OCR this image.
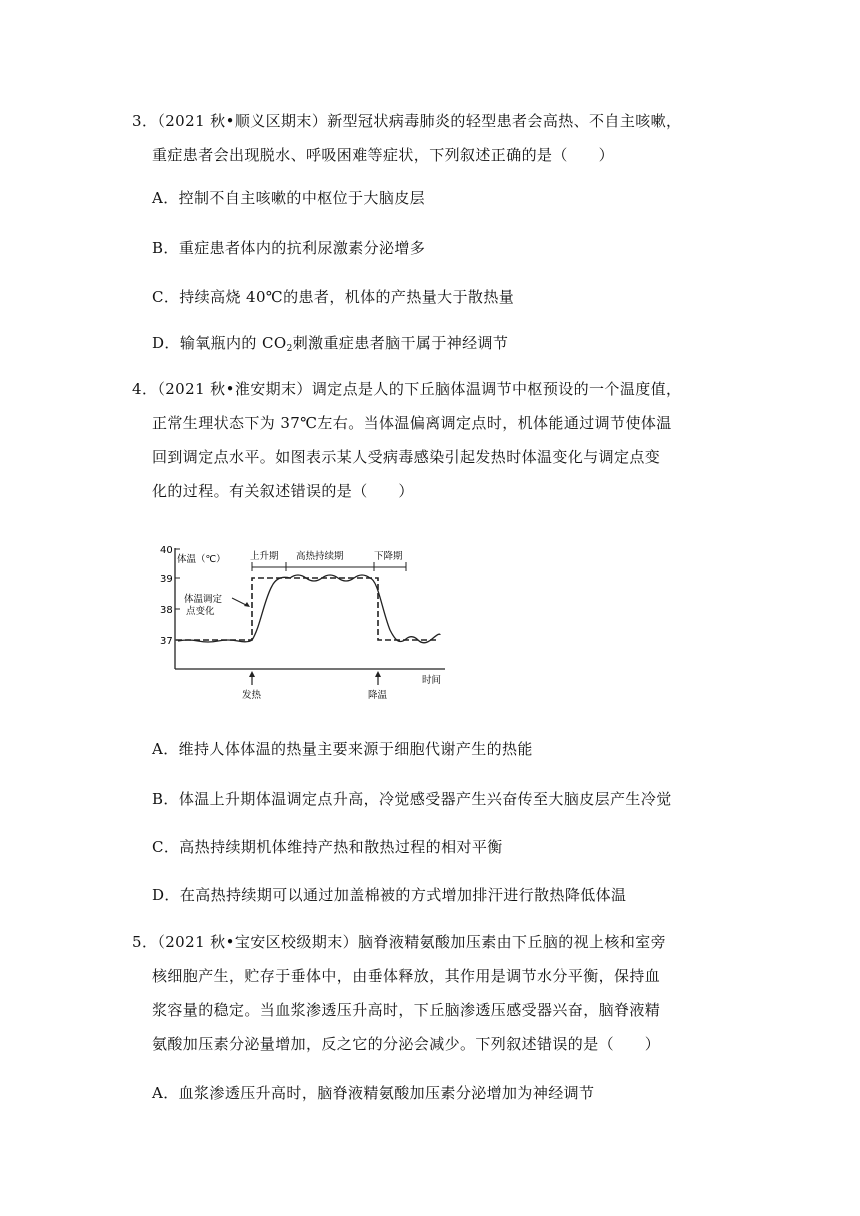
3．（2021 秋•顺义区期末）新型冠状病毒肺炎的轻型患者会高热、不自主咳嗽，
重症患者会出现脱水、呼吸困难等症状，下列叙述正确的是（　　）
A．控制不自主咳嗽的中枢位于大脑皮层
B．重症患者体内的抗利尿激素分泌增多
C．持续高烧 40℃的患者，机体的产热量大于散热量
D．输氧瓶内的 $CO_2$刺激重症患者脑干属于神经调节
4．（2021 秋•淮安期末）调定点是人的下丘脑体温调节中枢预设的一个温度值，
正常生理状态下为 37℃左右。当体温偏离调定点时，机体能通过调节使体温
回到调定点水平。如图表示某人受病毒感染引起发热时体温变化与调定点变
化的过程。有关叙述错误的是（　　）
40
39
38
37
体温（℃）	上升期 高热持续期	下降期
体温调定
点变化
发热	降温
时间
A．维持人体体温的热量主要来源于细胞代谢产生的热能
B．体温上升期体温调定点升高，冷觉感受器产生兴奋传至大脑皮层产生冷觉
C．高热持续期机体维持产热和散热过程的相对平衡
D．在高热持续期可以通过加盖棉被的方式增加排汗进行散热降低体温
5．（2021 秋•宝安区校级期末）脑脊液精氨酸加压素由下丘脑的视上核和室旁
核细胞产生，贮存于垂体中，由垂体释放，其作用是调节水分平衡，保持血
浆容量的稳定。当血浆渗透压升高时，下丘脑渗透压感受器兴奋，脑脊液精
氨酸加压素分泌量增加，反之它的分泌会减少。下列叙述错误的是（　　）
A．血浆渗透压升高时，脑脊液精氨酸加压素分泌增加为神经调节
